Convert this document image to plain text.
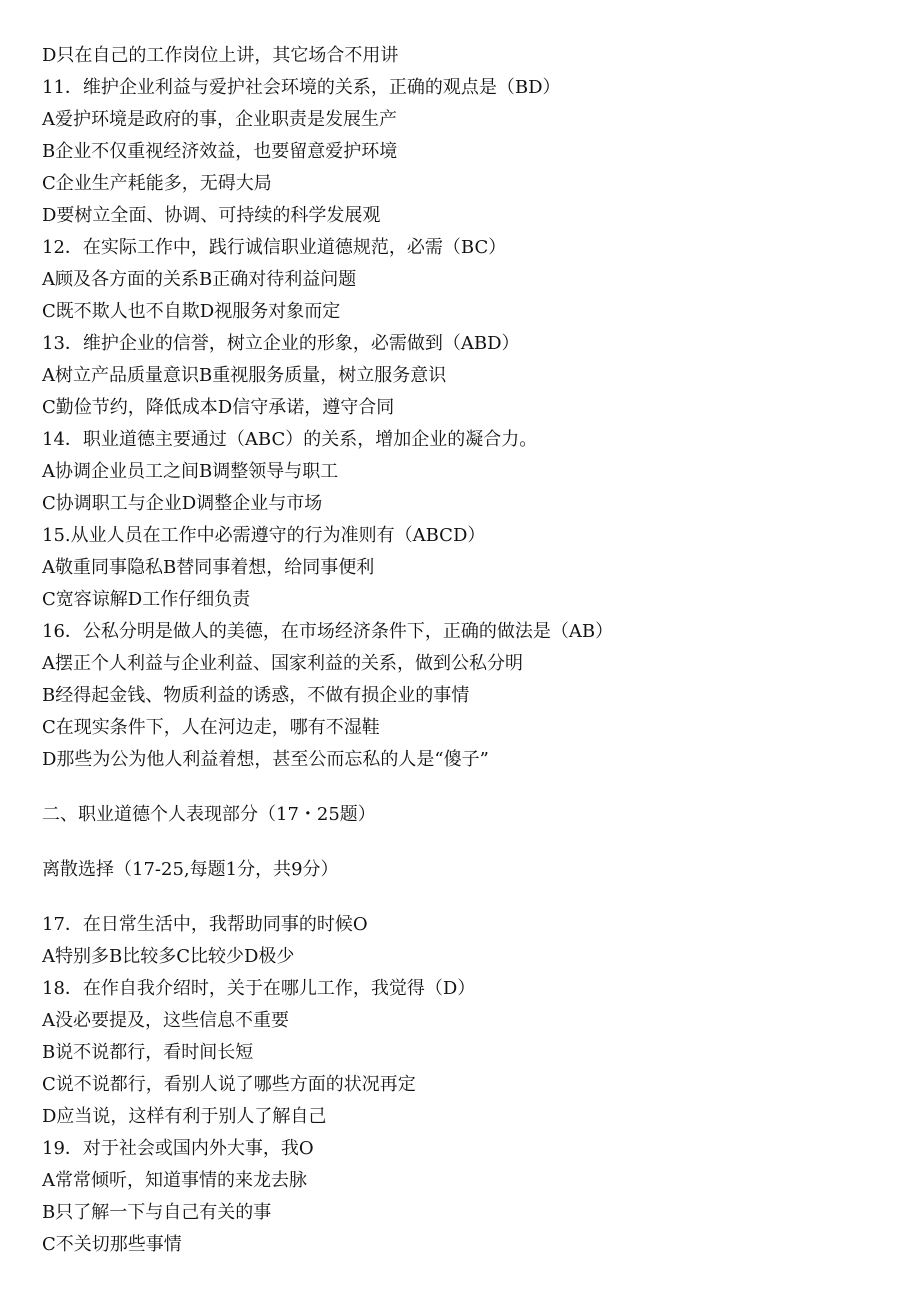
D只在自己的工作岗位上讲，其它场合不用讲
11．维护企业利益与爱护社会环境的关系，正确的观点是（BD）
A爱护环境是政府的事，企业职责是发展生产
B企业不仅重视经济效益，也要留意爱护环境
C企业生产耗能多，无碍大局
D要树立全面、协调、可持续的科学发展观
12．在实际工作中，践行诚信职业道德规范，必需（BC）
A顾及各方面的关系B正确对待利益问题
C既不欺人也不自欺D视服务对象而定
13．维护企业的信誉，树立企业的形象，必需做到（ABD）
A树立产品质量意识B重视服务质量，树立服务意识
C勤俭节约，降低成本D信守承诺，遵守合同
14．职业道德主要通过（ABC）的关系，增加企业的凝合力。
A协调企业员工之间B调整领导与职工
C协调职工与企业D调整企业与市场
15.从业人员在工作中必需遵守的行为准则有（ABCD）
A敬重同事隐私B替同事着想，给同事便利
C宽容谅解D工作仔细负责
16．公私分明是做人的美德，在市场经济条件下，正确的做法是（AB）
A摆正个人利益与企业利益、国家利益的关系，做到公私分明
B经得起金钱、物质利益的诱惑，不做有损企业的事情
C在现实条件下，人在河边走，哪有不湿鞋
D那些为公为他人利益着想，甚至公而忘私的人是“傻子”
二、职业道德个人表现部分（17・25题）
离散选择（17-25,每题1分，共9分）
17．在日常生活中，我帮助同事的时候O
A特别多B比较多C比较少D极少
18．在作自我介绍时，关于在哪儿工作，我觉得（D）
A没必要提及，这些信息不重要
B说不说都行，看时间长短
C说不说都行，看别人说了哪些方面的状况再定
D应当说，这样有利于别人了解自己
19．对于社会或国内外大事，我O
A常常倾听，知道事情的来龙去脉
B只了解一下与自己有关的事
C不关切那些事情
